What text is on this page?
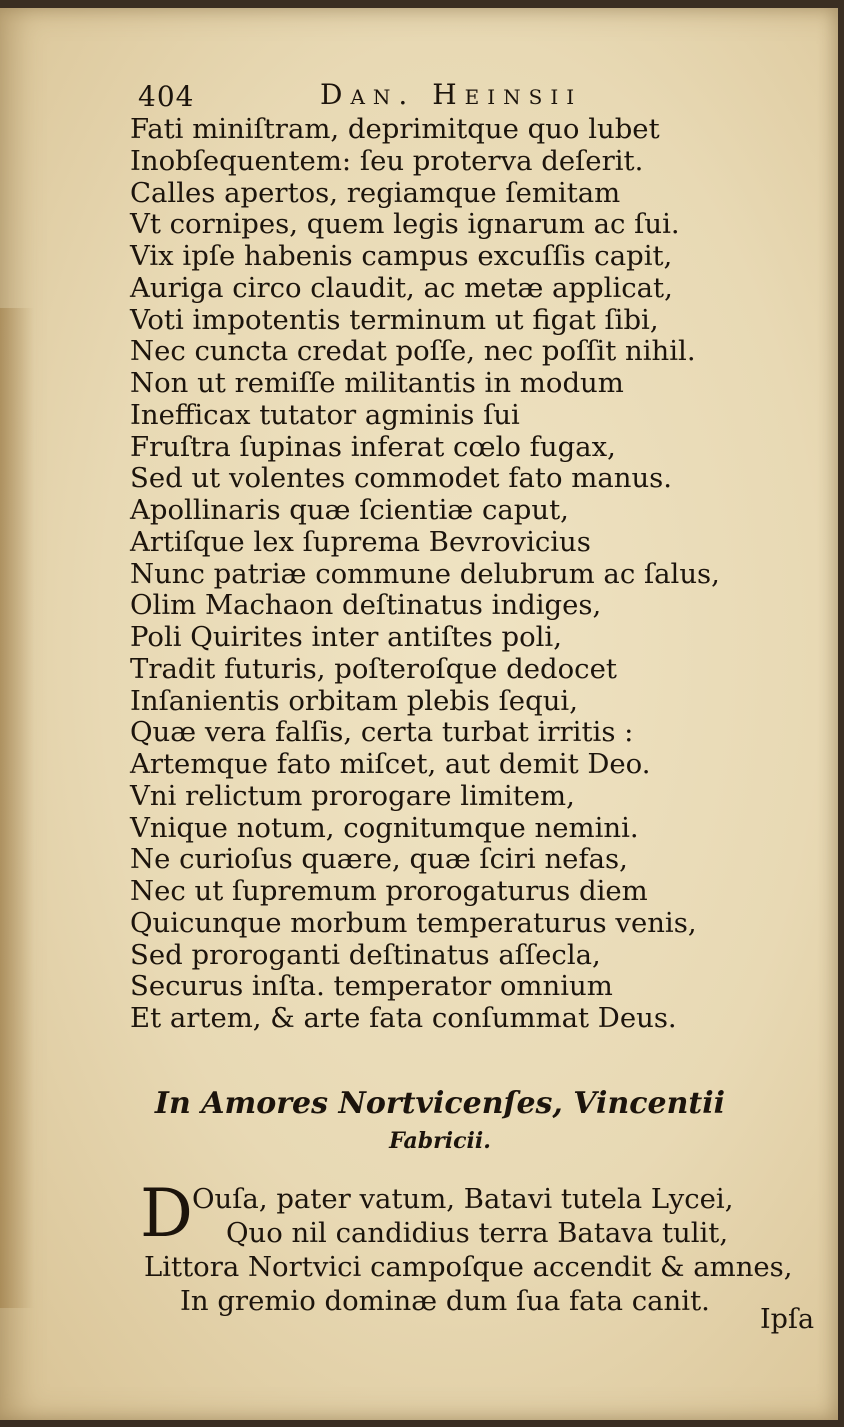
404	Dan. Heinsii
Fati miniſtram, deprimitque quo lubet
Inobſequentem: ſeu proterva deſerit.
Calles apertos, regiamque ſemitam
Vt cornipes, quem legis ignarum ac ſui.
Vix ipſe habenis campus excuſſis capit,
Auriga circo claudit, ac metæ applicat,
Voti impotentis terminum ut figat ſibi,
Nec cuncta credat poſſe, nec poſſit nihil.
Non ut remiſſe militantis in modum
Inefficax tutator agminis ſui
Fruſtra ſupinas inferat cœlo fugax,
Sed ut volentes commodet fato manus.
Apollinaris quæ ſcientiæ caput,
Artiſque lex ſuprema Bevrovicius
Nunc patriæ commune delubrum ac ſalus,
Olim Machaon deſtinatus indiges,
Poli Quirites inter antiſtes poli,
Tradit futuris, poſteroſque dedocet
Inſanientis orbitam plebis ſequi,
Quæ vera falſis, certa turbat irritis :
Artemque fato miſcet, aut demit Deo.
Vni relictum prorogare limitem,
Vnique notum, cognitumque nemini.
Ne curioſus quære, quæ ſciri nefas,
Nec ut ſupremum prorogaturus diem
Quicunque morbum temperaturus venis,
Sed proroganti deſtinatus aſſecla,
Securus inſta. temperator omnium
Et artem, & arte fata conſummat Deus.
In Amores Nortvicenſes, Vincentii
Fabricii.
D Ouſa, pater vatum, Batavi tutela Lycei,
Quo nil candidius terra Batava tulit,
Littora Nortvici campoſque accendit & amnes,
In gremio dominæ dum ſua fata canit.
Ipſa
